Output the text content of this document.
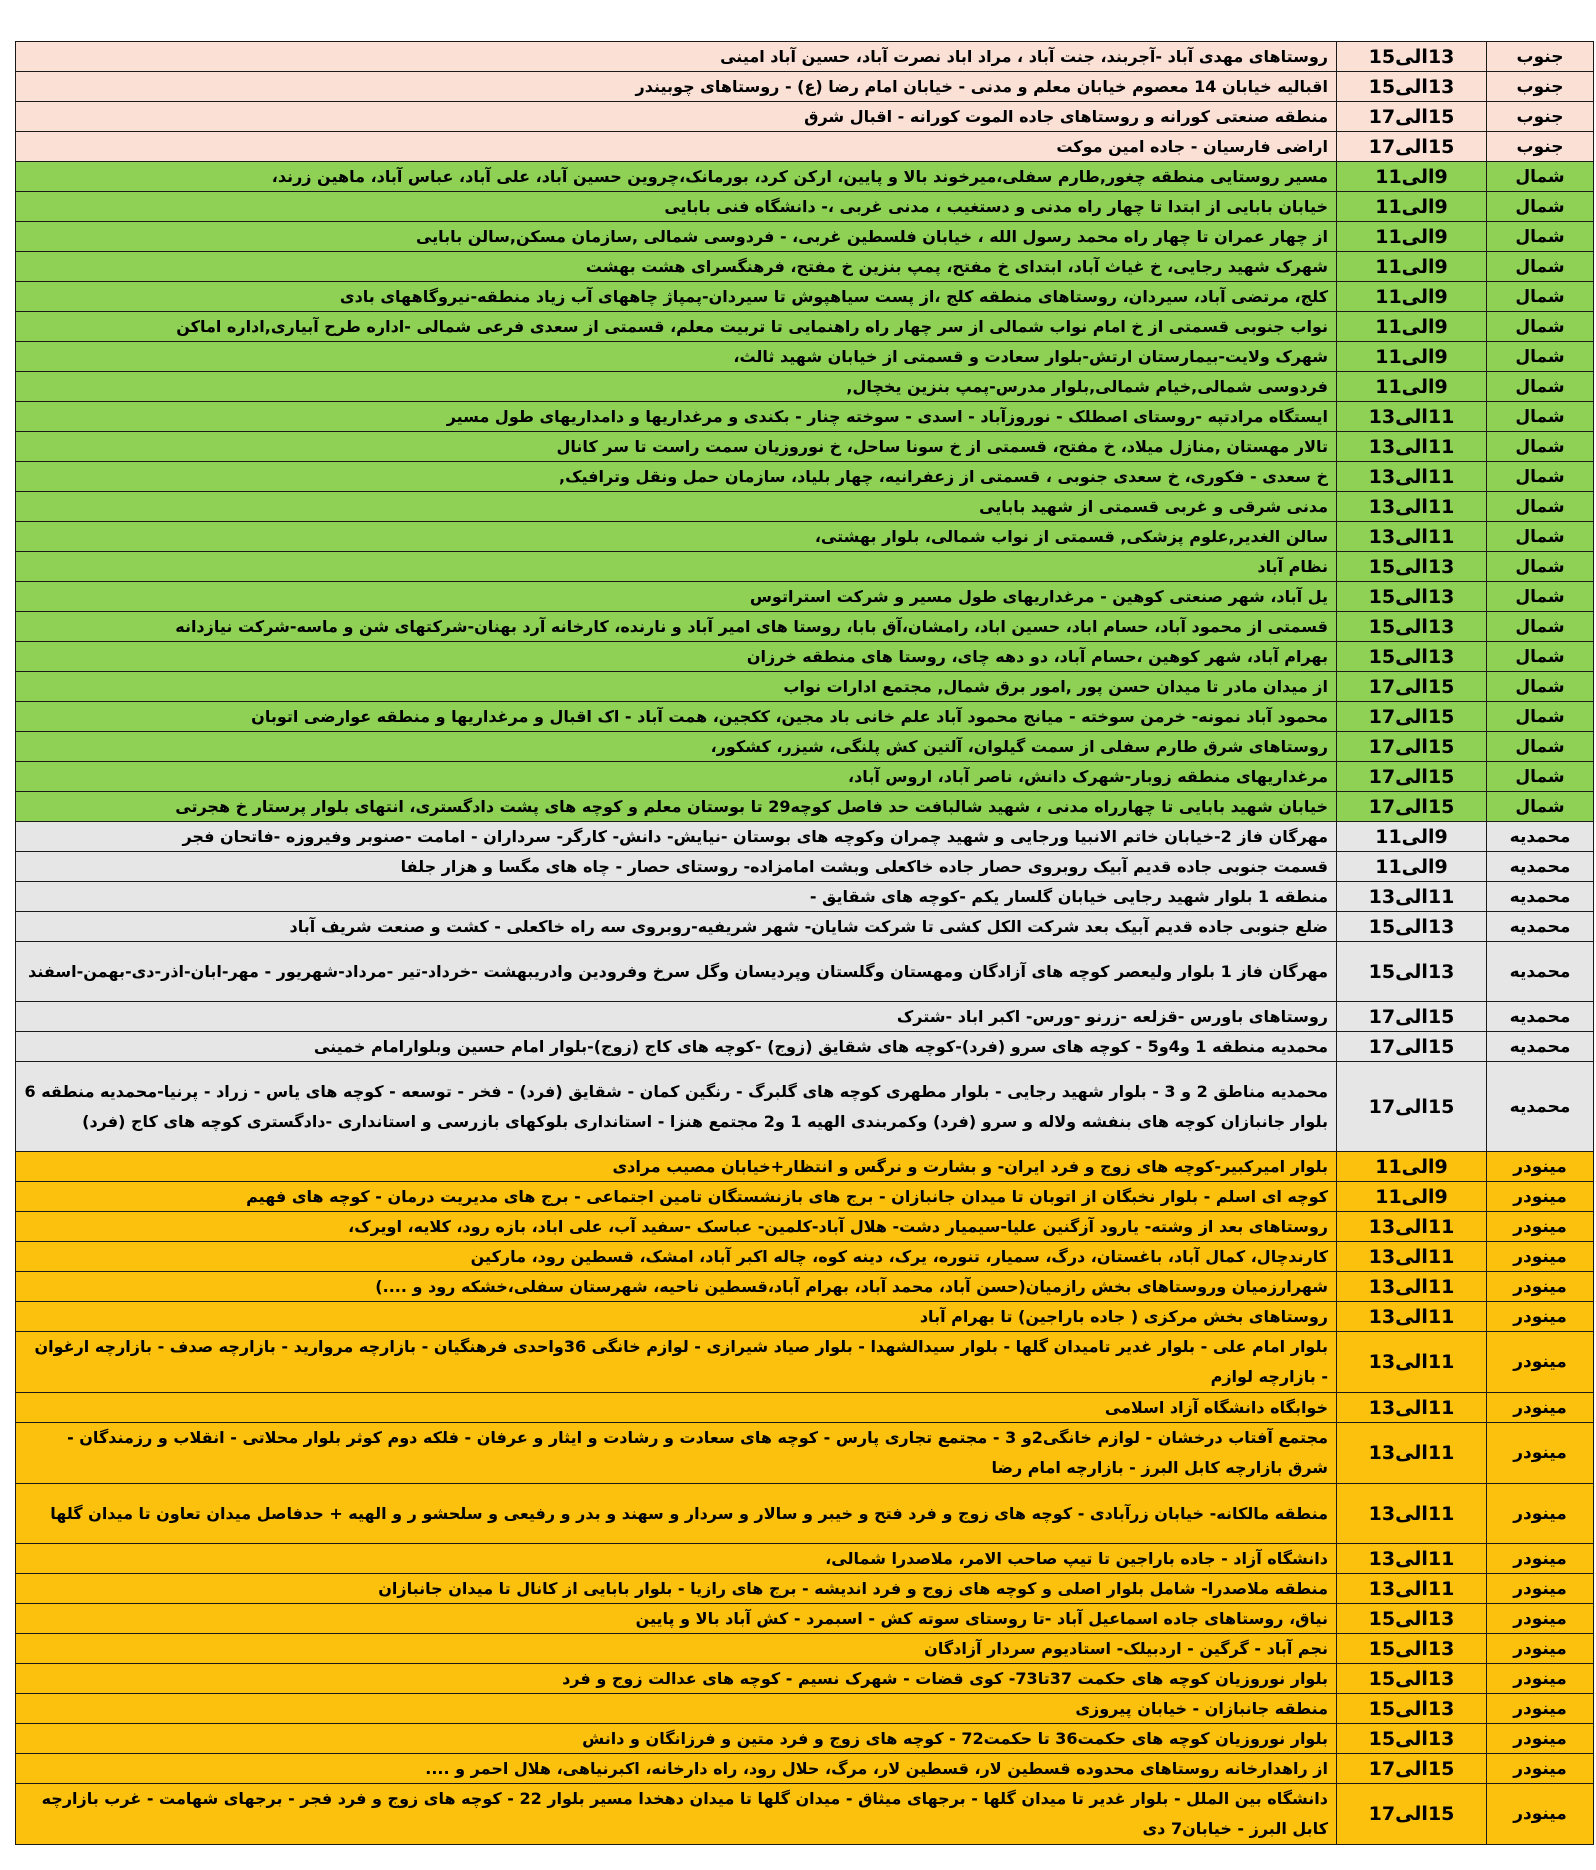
جنوب	13الی15	روستاهای مهدی آباد -آجربند، جنت آباد ، مراد اباد نصرت آباد، حسین آباد امینی
جنوب	13الی15	اقبالیه خیابان 14 معصوم خیابان معلم و مدنی - خیابان امام رضا (ع) - روستاهای چوبیندر
جنوب	15الی17	منطقه صنعتی کورانه و روستاهای جاده الموت کورانه - اقبال شرق
جنوب	15الی17	اراضی فارسیان - جاده امین موکت
شمال	9الی11	مسیر روستایی منطقه چغور,طارم سفلی،میرخوند بالا و پایین، ارکن کرد، بورمانک،چروین حسین آباد، علی آباد، عباس آباد، ماهین زرند،
شمال	9الی11	خیابان بابایی از ابتدا تا چهار راه مدنی و دستغیب ، مدنی غربی ،- دانشگاه فنی بابایی
شمال	9الی11	از چهار عمران تا چهار راه محمد رسول الله ، خیابان فلسطین غربی، - فردوسی شمالی ,سازمان مسکن,سالن بابایی
شمال	9الی11	شهرک شهید رجایی، خ غیاث آباد، ابتدای خ مفتح، پمپ بنزین خ مفتح، فرهنگسرای هشت بهشت
شمال	9الی11	کلج، مرتضی آباد، سیردان، روستاهای منطقه کلج ،از پست سیاهپوش تا سیردان-پمپاژ چاههای آب زیاد منطقه-نیروگاههای بادی
شمال	9الی11	نواب جنوبی قسمتی از خ امام نواب شمالی از سر چهار راه راهنمایی تا تربیت معلم، قسمتی از سعدی فرعی شمالی -اداره طرح آبیاری,اداره اماکن
شمال	9الی11	شهرک ولایت-بیمارستان ارتش-بلوار سعادت و قسمتی از خیابان شهید ثالث،
شمال	9الی11	فردوسی شمالی,خیام شمالی,بلوار مدرس-پمپ بنزین یخچال,
شمال	11الی13	ایستگاه مرادتپه -روستای اصطلک - نوروزآباد - اسدی - سوخته چنار - بکندی و مرغداریها و دامداریهای طول مسیر
شمال	11الی13	تالار مهستان ,منازل میلاد، خ مفتح، قسمتی از خ سونا ساحل، خ نوروزیان سمت راست تا سر کانال
شمال	11الی13	خ سعدی - فکوری، خ سعدی جنوبی ، قسمتی از زعفرانیه، چهار بلیاد، سازمان حمل ونقل وترافیک,
شمال	11الی13	مدنی شرقی و غربی قسمتی از شهید بابایی
شمال	11الی13	سالن الغدیر,علوم پزشکی, قسمتی از نواب شمالی، بلوار بهشتی،
شمال	13الی15	نظام آباد
شمال	13الی15	یل آباد، شهر صنعتی کوهین - مرغداریهای طول مسیر و شرکت استراتوس
شمال	13الی15	قسمتی از محمود آباد، حسام اباد، حسین اباد، رامشان،آق بابا، روستا های امیر آباد و نارنده، کارخانه آرد بهنان-شرکتهای شن و ماسه-شرکت نیازدانه
شمال	13الی15	بهرام آباد، شهر کوهین ،حسام آباد، دو دهه چای، روستا های منطقه خرزان
شمال	15الی17	از میدان مادر تا میدان حسن پور ,امور برق شمال, مجتمع ادارات نواب
شمال	15الی17	محمود آباد نمونه- خرمن سوخته - میانج محمود آباد علم خانی باد مجین، ککجین، همت آباد - اک اقبال و مرغداریها و منطقه عوارضی اتوبان
شمال	15الی17	روستاهای شرق طارم سفلی از سمت گیلوان، آلتین کش پلنگی، شیزر، کشکور،
شمال	15الی17	مرغداریهای منطقه زوبار-شهرک دانش، ناصر آباد، اروس آباد،
شمال	15الی17	خیابان شهید بابایی تا چهارراه مدنی ، شهید شالبافت حد فاصل کوچه29 تا بوستان معلم و کوچه های پشت دادگستری، انتهای بلوار پرستار خ هجرتی
محمدیه	9الی11	مهرگان فاز 2-خیابان خاتم الانبیا ورجایی و شهید چمران وکوچه های بوستان -نیایش- دانش- کارگر- سرداران - امامت -صنوبر وفیروزه -فاتحان فجر
محمدیه	9الی11	قسمت جنوبی جاده قدیم آبیک روبروی حصار جاده خاکعلی وبشت امامزاده- روستای حصار - چاه های مگسا و هزار جلفا
محمدیه	11الی13	منطقه 1 بلوار شهید رجایی خیابان گلسار یکم -کوچه های شقایق -
محمدیه	13الی15	ضلع جنوبی جاده قدیم آبیک بعد شرکت الکل کشی تا شرکت شایان- شهر شریفیه-روبروی سه راه خاکعلی - کشت و صنعت شریف آباد
محمدیه	13الی15	مهرگان فاز 1 بلوار ولیعصر کوچه های آزادگان ومهستان وگلستان وپردیسان وگل سرخ وفرودین وادریبهشت -خرداد-تیر -مرداد-شهریور - مهر-ابان-اذر-دی-بهمن-اسفند
محمدیه	15الی17	روستاهای باورس -قزلعه -زرنو -ورس- اکبر اباد -شترک
محمدیه	15الی17	محمدیه منطقه 1 و4و5 - کوچه های سرو (فرد)-کوچه های شقایق (زوج) -کوچه های کاج (زوج)-بلوار امام حسین وبلوارامام خمینی
محمدیه	15الی17	محمدیه مناطق 2 و 3 - بلوار شهید رجایی - بلوار مطهری کوچه های گلبرگ - رنگین کمان - شقایق (فرد) - فخر - توسعه - کوچه های یاس - زراد - پرنیا-محمدیه منطقه 6 بلوار جانبازان کوچه های بنفشه ولاله و سرو (فرد) وکمربندی الهیه 1 و2 مجتمع هنزا - استانداری بلوکهای بازرسی و استانداری -دادگستری کوچه های کاج (فرد)
مینودر	9الی11	بلوار امیرکبیر-کوچه های زوج و فرد ایران- و بشارت و نرگس و انتظار+خیابان مصیب مرادی
مینودر	9الی11	کوچه ای اسلم - بلوار نخبگان از اتوبان تا میدان جانبازان - برج های بازنشستگان تامین اجتماعی - برج های مدیریت درمان - کوچه های فهیم
مینودر	11الی13	روستاهای بعد از وشته- یارود آزگنین علیا-سیمیار دشت- هلال آباد-کلمین- عباسک -سفید آب، علی اباد، بازه رود، کلایه، اویرک،
مینودر	11الی13	کارندچال، کمال آباد، باغستان، درگ، سمیار، تنوره، یرک، دینه کوه، چاله اکبر آباد، امشک، قسطین رود، مارکین
مینودر	11الی13	شهرارزمیان وروستاهای بخش رازمیان(حسن آباد، محمد آباد، بهرام آباد،قسطین ناحیه، شهرستان سفلی،خشکه رود و ....)
مینودر	11الی13	روستاهای بخش مرکزی ( جاده باراجین) تا بهرام آباد
مینودر	11الی13	بلوار امام علی - بلوار غدیر تامیدان گلها - بلوار سیدالشهدا - بلوار صیاد شیرازی - لوازم خانگی 36واحدی فرهنگیان - بازارچه مرواريد - بازارچه صدف - بازارچه ارغوان - بازارچه لوازم
مینودر	11الی13	خوابگاه دانشگاه آزاد اسلامی
مینودر	11الی13	مجتمع آفتاب درخشان - لوازم خانگی2و 3 - مجتمع تجاری پارس - کوچه های سعادت و رشادت و ایثار و عرفان - فلکه دوم کوثر بلوار محلاتی - انقلاب و رزمندگان - شرق بازارچه کابل البرز - بازارچه امام رضا
مینودر	11الی13	منطقه مالکانه- خیابان زرآبادی - کوچه های زوج و فرد فتح و خیبر و سالار و سردار و سهند و بدر و رفیعی و سلحشو ر و الهیه + حدفاصل میدان تعاون تا میدان گلها
مینودر	11الی13	دانشگاه آزاد - جاده باراجین تا تیپ صاحب الامر، ملاصدرا شمالی،
مینودر	11الی13	منطقه ملاصدرا- شامل بلوار اصلی و کوچه های زوج و فرد اندیشه - برج های رازیا - بلوار بابایی از کانال تا میدان جانبازان
مینودر	13الی15	نیاق، روستاهای جاده اسماعیل آباد -تا روستای سوته کش - اسبمرد - کش آباد بالا و پایین
مینودر	13الی15	نجم آباد - گرگین - اردبیلک- استادیوم سردار آزادگان
مینودر	13الی15	بلوار نوروزیان کوچه های حکمت 37تا73- کوی قضات - شهرک نسیم - کوچه های عدالت زوج و فرد
مینودر	13الی15	منطقه جانبازان - خیابان پیروزی
مینودر	13الی15	بلوار نوروزیان کوچه های حکمت36 تا حکمت72 - کوچه های زوج و فرد متین و فرزانگان و دانش
مینودر	15الی17	از راهدارخانه روستاهای محدوده قسطین لار، قسطین لار، مرگ، حلال رود، راه دارخانه، اکبرنیاهی، هلال احمر و ....
مینودر	15الی17	دانشگاه بین الملل - بلوار غدیر تا میدان گلها - برجهای میثاق - میدان گلها تا میدان دهخدا مسیر بلوار 22 - کوچه های زوج و فرد فجر - برجهای شهامت - غرب بازارچه کابل البرز - خیابان7 دی
